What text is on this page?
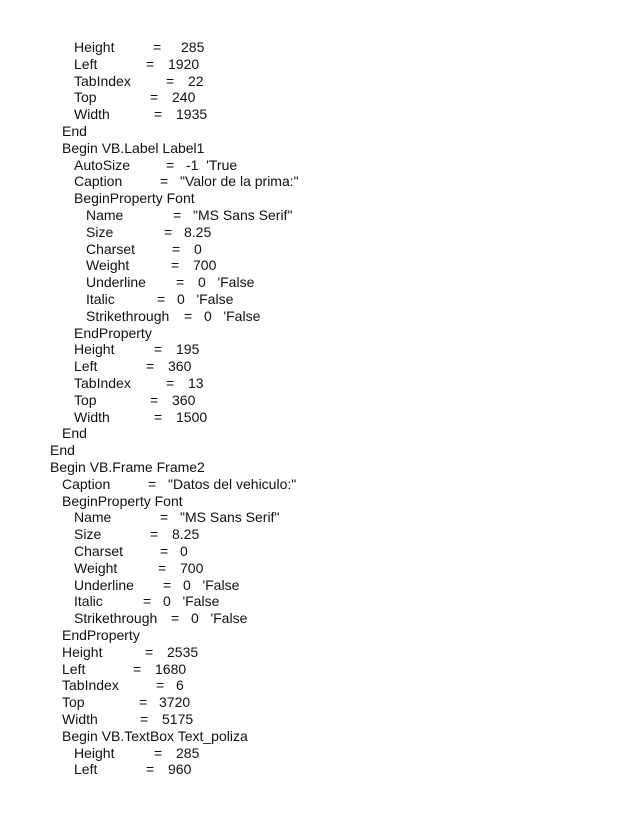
Height	= 285
Left	= 1920
TabIndex	= 22
Top	= 240
Width	= 1935
End
Begin VB.Label Label1
AutoSize	= -1  'True
Caption	= "Valor de la prima:"
BeginProperty Font
Name	= "MS Sans Serif"
Size	= 8.25
Charset	= 0
Weight	= 700
Underline = 0   'False
Italic	= 0   'False
Strikethrough = 0   'False
EndProperty
Height	= 195
Left	= 360
TabIndex	= 13
Top	= 360
Width	= 1500
End
End
Begin VB.Frame Frame2
Caption	= "Datos del vehiculo:"
BeginProperty Font
Name	= "MS Sans Serif"
Size	= 8.25
Charset	= 0
Weight	= 700
Underline = 0   'False
Italic	= 0   'False
Strikethrough = 0   'False
EndProperty
Height	= 2535
Left	= 1680
TabIndex	= 6
Top	= 3720
Width	= 5175
Begin VB.TextBox Text_poliza
Height	= 285
Left	= 960
